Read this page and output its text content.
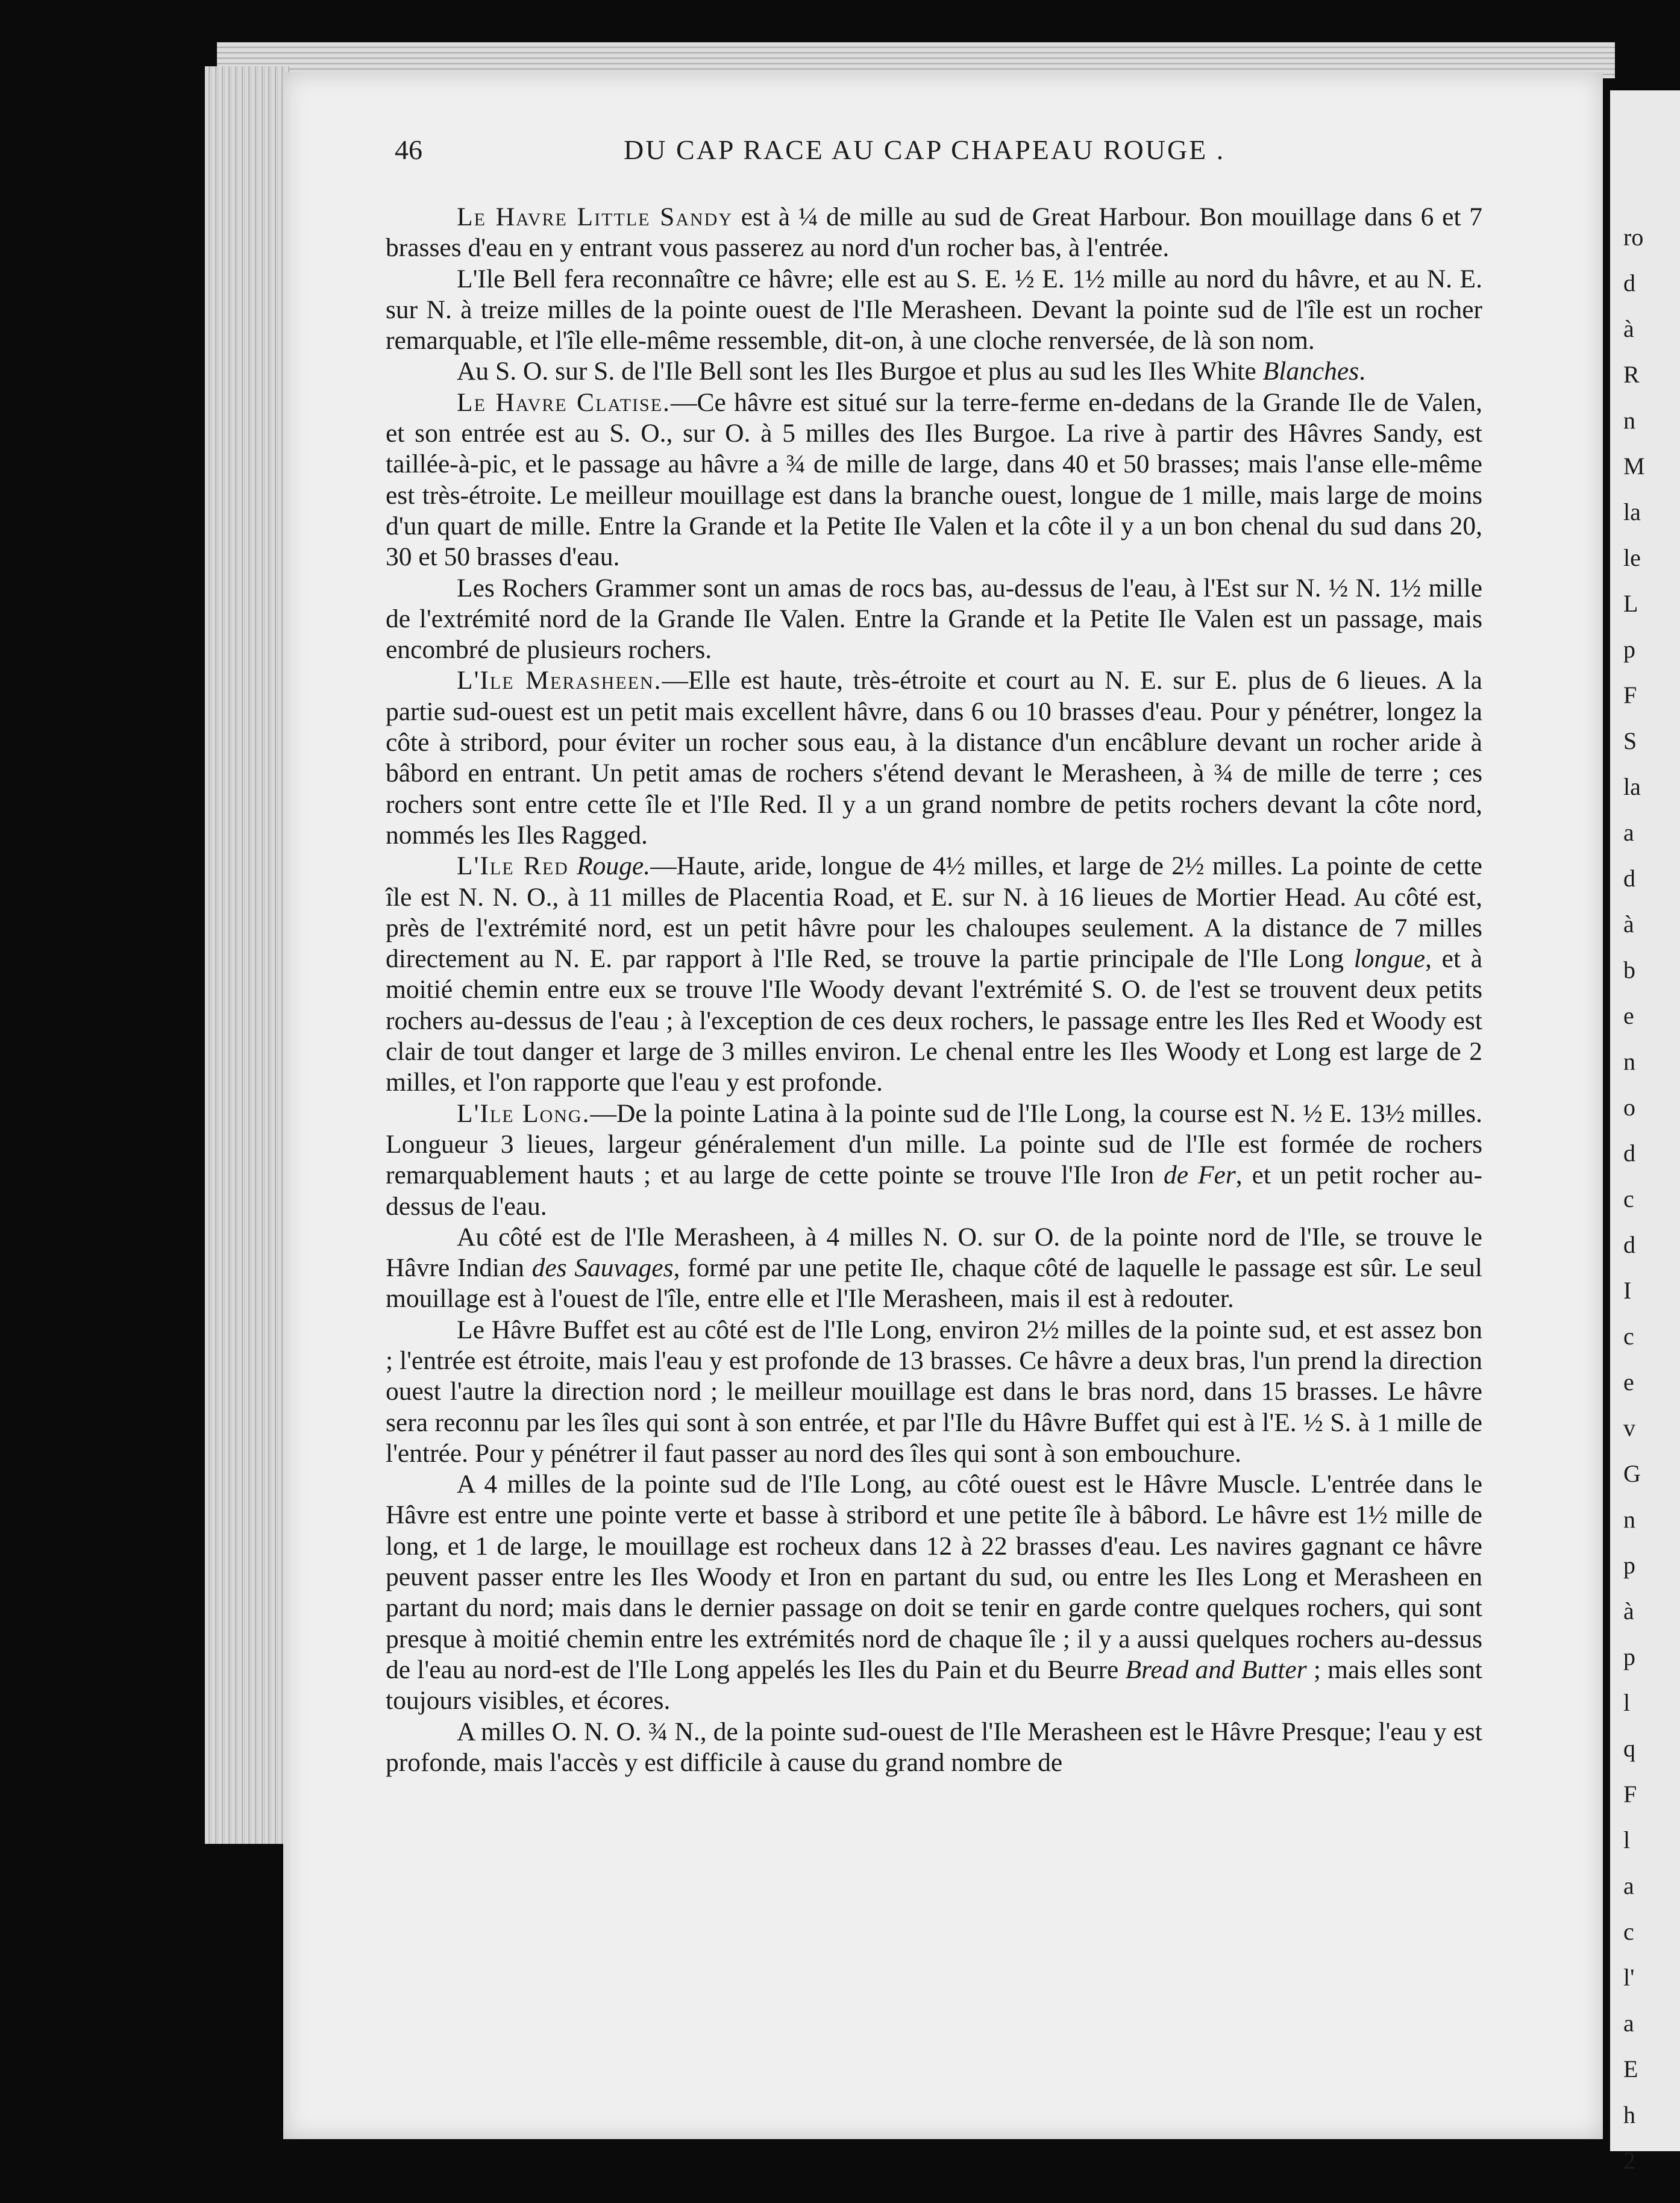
ro
d
à
R
n
M
la
le
L
p
F
S
la
a
d
à
b
e
n
o
d
c
d
I
c
e
v
G
n
p
à
p
l
q
F
l
a
c
l'
a
E
h
2
46	DU CAP RACE AU CAP CHAPEAU ROUGE .

Le Havre Little Sandy est à ¼ de mille au sud de Great Harbour. Bon mouillage dans 6 et 7 brasses d'eau en y entrant vous passerez au nord d'un rocher bas, à l'entrée.

L'Ile Bell fera reconnaître ce hâvre; elle est au S. E. ½ E. 1½ mille au nord du hâvre, et au N. E. sur N. à treize milles de la pointe ouest de l'Ile Merasheen. Devant la pointe sud de l'île est un rocher remarquable, et l'île elle-même ressemble, dit-on, à une cloche renversée, de là son nom.

Au S. O. sur S. de l'Ile Bell sont les Iles Burgoe et plus au sud les Iles White Blanches.

Le Havre Clatise.—Ce hâvre est situé sur la terre-ferme en-dedans de la Grande Ile de Valen, et son entrée est au S. O., sur O. à 5 milles des Iles Burgoe. La rive à partir des Hâvres Sandy, est taillée-à-pic, et le passage au hâvre a ¾ de mille de large, dans 40 et 50 brasses; mais l'anse elle-même est très-étroite. Le meilleur mouillage est dans la branche ouest, longue de 1 mille, mais large de moins d'un quart de mille. Entre la Grande et la Petite Ile Valen et la côte il y a un bon chenal du sud dans 20, 30 et 50 brasses d'eau.

Les Rochers Grammer sont un amas de rocs bas, au-dessus de l'eau, à l'Est sur N. ½ N. 1½ mille de l'extrémité nord de la Grande Ile Valen. Entre la Grande et la Petite Ile Valen est un passage, mais encombré de plusieurs rochers.

L'Ile Merasheen.—Elle est haute, très-étroite et court au N. E. sur E. plus de 6 lieues. A la partie sud-ouest est un petit mais excellent hâvre, dans 6 ou 10 brasses d'eau. Pour y pénétrer, longez la côte à stribord, pour éviter un rocher sous eau, à la distance d'un encâblure devant un rocher aride à bâbord en entrant. Un petit amas de rochers s'étend devant le Merasheen, à ¾ de mille de terre ; ces rochers sont entre cette île et l'Ile Red. Il y a un grand nombre de petits rochers devant la côte nord, nommés les Iles Ragged.

L'Ile Red Rouge.—Haute, aride, longue de 4½ milles, et large de 2½ milles. La pointe de cette île est N. N. O., à 11 milles de Placentia Road, et E. sur N. à 16 lieues de Mortier Head. Au côté est, près de l'extrémité nord, est un petit hâvre pour les chaloupes seulement. A la distance de 7 milles directement au N. E. par rapport à l'Ile Red, se trouve la partie principale de l'Ile Long longue, et à moitié chemin entre eux se trouve l'Ile Woody devant l'extrémité S. O. de l'est se trouvent deux petits rochers au-dessus de l'eau ; à l'exception de ces deux rochers, le passage entre les Iles Red et Woody est clair de tout danger et large de 3 milles environ. Le chenal entre les Iles Woody et Long est large de 2 milles, et l'on rapporte que l'eau y est profonde.

L'Ile Long.—De la pointe Latina à la pointe sud de l'Ile Long, la course est N. ½ E. 13½ milles. Longueur 3 lieues, largeur généralement d'un mille. La pointe sud de l'Ile est formée de rochers remarquablement hauts ; et au large de cette pointe se trouve l'Ile Iron de Fer, et un petit rocher au-dessus de l'eau.

Au côté est de l'Ile Merasheen, à 4 milles N. O. sur O. de la pointe nord de l'Ile, se trouve le Hâvre Indian des Sauvages, formé par une petite Ile, chaque côté de laquelle le passage est sûr. Le seul mouillage est à l'ouest de l'île, entre elle et l'Ile Merasheen, mais il est à redouter.

Le Hâvre Buffet est au côté est de l'Ile Long, environ 2½ milles de la pointe sud, et est assez bon ; l'entrée est étroite, mais l'eau y est profonde de 13 brasses. Ce hâvre a deux bras, l'un prend la direction ouest l'autre la direction nord ; le meilleur mouillage est dans le bras nord, dans 15 brasses. Le hâvre sera reconnu par les îles qui sont à son entrée, et par l'Ile du Hâvre Buffet qui est à l'E. ½ S. à 1 mille de l'entrée. Pour y pénétrer il faut passer au nord des îles qui sont à son embouchure.

A 4 milles de la pointe sud de l'Ile Long, au côté ouest est le Hâvre Muscle. L'entrée dans le Hâvre est entre une pointe verte et basse à stribord et une petite île à bâbord. Le hâvre est 1½ mille de long, et 1 de large, le mouillage est rocheux dans 12 à 22 brasses d'eau. Les navires gagnant ce hâvre peuvent passer entre les Iles Woody et Iron en partant du sud, ou entre les Iles Long et Merasheen en partant du nord; mais dans le dernier passage on doit se tenir en garde contre quelques rochers, qui sont presque à moitié chemin entre les extrémités nord de chaque île ; il y a aussi quelques rochers au-dessus de l'eau au nord-est de l'Ile Long appelés les Iles du Pain et du Beurre Bread and Butter ; mais elles sont toujours visibles, et écores.

A milles O. N. O. ¾ N., de la pointe sud-ouest de l'Ile Merasheen est le Hâvre Presque; l'eau y est profonde, mais l'accès y est difficile à cause du grand nombre de
